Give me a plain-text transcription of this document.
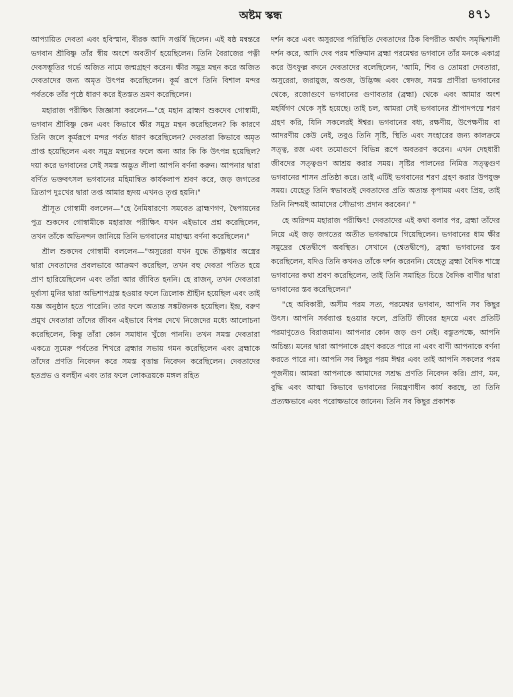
অষ্টম স্কন্ধ	৪৭১

আপ্যায়িত দেবতা এবং হবিস্মান, বীরক আদি সপ্তর্ষি ছিলেন। এই ষষ্ঠ মন্বন্তরে ভগবান শ্রীবিষ্ণু তাঁর স্বীয় অংশে অবতীর্ণ হয়েছিলেন। তিনি বৈরাজের পত্নী দেবসম্ভূতির গর্ভে অজিত নামে জন্মগ্রহণ করেন। ক্ষীর সমুদ্র মন্থন করে অজিত দেবতাদের জন্য অমৃত উৎপন্ন করেছিলেন। কূর্ম রূপে তিনি বিশাল মন্দর পর্বতকে তাঁর পৃষ্ঠে ধারণ করে ইতস্তত ভ্রমণ করেছিলেন।

মহারাজ পরীক্ষিৎ জিজ্ঞাসা করলেন—"হে মহান ব্রাহ্মণ শুকদেব গোস্বামী, ভগবান শ্রীবিষ্ণু কেন এবং কিভাবে ক্ষীর সমুদ্র মন্থন করেছিলেন? কি কারণে তিনি জলে কূর্মরূপে মন্দর পর্বত ধারণ করেছিলেন? দেবতারা কিভাবে অমৃত প্রাপ্ত হয়েছিলেন এবং সমুদ্র মন্থনের ফলে অন্য আর কি কি উৎপন্ন হয়েছিল? দয়া করে ভগবানের সেই সমস্ত অদ্ভুত লীলা আপনি বর্ণনা করুন। আপনার দ্বারা বর্ণিত ভক্তবৎসল ভগবানের মহিমান্বিত কার্যকলাপ শ্রবণ করে, জড় জগতের ত্রিতাপ দুঃখের দ্বারা তপ্ত আমার হৃদয় এখনও তৃপ্ত হয়নি।"

শ্রীসূত গোস্বামী বললেন—"হে নৈমিষারণ্যে সমবেত ব্রাহ্মণগণ, দ্বৈপায়নের পুত্র শুকদেব গোস্বামীকে মহারাজ পরীক্ষিৎ যখন এইভাবে প্রশ্ন করেছিলেন, তখন তাঁকে অভিনন্দন জানিয়ে তিনি ভগবানের মাহাত্ম্য বর্ণনা করেছিলেন।"

শ্রীল শুকদেব গোস্বামী বললেন—"অসুরেরা যখন যুদ্ধে তীক্ষ্ণধার অস্ত্রের দ্বারা দেবতাদের প্রবলভাবে আক্রমণ করেছিল, তখন বহু দেবতা পতিত হয়ে প্রাণ হারিয়েছিলেন এবং তাঁরা আর জীবিত হননি। হে রাজন্, তখন দেবতারা দুর্বাসা মুনির দ্বারা অভিশাপগ্রস্ত হওয়ার ফলে ত্রিলোক শ্রীহীন হয়েছিল এবং তাই যজ্ঞ অনুষ্ঠান হতে পারেনি। তার ফলে অত্যন্ত সঙ্কটজনক হয়েছিল। ইন্দ্র, বরুণ প্রমুখ দেবতারা তাঁদের জীবন এইভাবে বিপন্ন দেখে নিজেদের মধ্যে আলোচনা করেছিলেন, কিন্তু তাঁরা কোন সমাধান খুঁজে পাননি। তখন সমস্ত দেবতারা একত্রে সুমেরু পর্বতের শিখরে ব্রহ্মার সভায় গমন করেছিলেন এবং ব্রহ্মাকে তাঁদের প্রণতি নিবেদন করে সমস্ত বৃত্তান্ত নিবেদন করেছিলেন। দেবতাদের হতপ্রভ ও বলহীন এবং তার ফলে লোকত্রয়কে মঙ্গল রহিত

দর্শন করে এবং অসুরদের পরিস্থিতি দেবতাদের ঠিক বিপরীত অর্থাৎ সমৃদ্ধিশালী দর্শন করে, আদি দেব পরম শক্তিমান ব্রহ্মা পরমেশ্বর ভগবানে তাঁর মনকে একাগ্র করে উৎফুল্ল বদনে দেবতাদের বলেছিলেন, 'আমি, শিব ও তোমরা দেবতারা, অসুরেরা, জরায়ুজ, অণ্ডজ, উদ্ভিজ্জ এবং স্বেদজ, সমস্ত প্রাণীরা ভগবানের থেকে, রজোগুণে ভগবানের গুণাবতার (ব্রহ্মা) থেকে এবং আমার অংশ মহর্ষিগণ থেকে সৃষ্ট হয়েছে। তাই চল, আমরা সেই ভগবানের শ্রীপাদপদ্মে শরণ গ্রহণ করি, যিনি সকলেরই ঈশ্বর। ভগবানের বধ্য, রক্ষণীয়, উপেক্ষণীয় বা আদরণীয় কেউ নেই, তবুও তিনি সৃষ্টি, স্থিতি এবং সংহারের জন্য কালক্রমে সত্ত্ব, রজ এবং তমোগুণে বিভিন্ন রূপে অবতরণ করেন। এখন দেহধারী জীবদের সত্ত্বগুণ আশ্রয় করার সময়। সৃষ্টির পালনের নিমিত্ত সত্ত্বগুণ ভগবানের শাসন প্রতিষ্ঠা করে। তাই এটিই ভগবানের শরণ গ্রহণ করার উপযুক্ত সময়। যেহেতু তিনি স্বভাবতই দেবতাদের প্রতি অত্যন্ত কৃপাময় এবং প্রিয়, তাই তিনি নিশ্চয়ই আমাদের সৌভাগ্য প্রদান করবেন।' "

হে অরিন্দম মহারাজ পরীক্ষিৎ! দেবতাদের এই কথা বলার পর, ব্রহ্মা তাঁদের নিয়ে এই জড় জগতের অতীত ভগবদ্ধামে গিয়েছিলেন। ভগবানের ধাম ক্ষীর সমুদ্রের শ্বেতদ্বীপে অবস্থিত। সেখানে (শ্বেতদ্বীপে), ব্রহ্মা ভগবানের স্তব করেছিলেন, যদিও তিনি কখনও তাঁকে দর্শন করেননি। যেহেতু ব্রহ্মা বৈদিক শাস্ত্রে ভগবানের কথা শ্রবণ করেছিলেন, তাই তিনি সমাহিত চিত্তে বৈদিক বাণীর দ্বারা ভগবানের স্তব করেছিলেন।"

"হে অবিকারী, অসীম পরম সত্য, পরমেশ্বর ভগবান, আপনি সব কিছুর উৎস। আপনি সর্বব্যাপ্ত হওয়ার ফলে, প্রতিটি জীবের হৃদয়ে এবং প্রতিটি পরমাণুতেও বিরাজমান। আপনার কোন জড় গুণ নেই। বস্তুতপক্ষে, আপনি অচিন্ত্য। মনের দ্বারা আপনাকে গ্রহণ করতে পারে না এবং বাণী আপনাকে বর্ণনা করতে পারে না। আপনি সব কিছুর পরম ঈশ্বর এবং তাই আপনি সকলের পরম পূজনীয়। আমরা আপনাকে আমাদের সশ্রদ্ধ প্রণতি নিবেদন করি। প্রাণ, মন, বুদ্ধি এবং আত্মা কিভাবে ভগবানের নিয়ন্ত্রণাধীন কার্য করছে, তা তিনি প্রত্যক্ষভাবে এবং পরোক্ষভাবে জানেন। তিনি সব কিছুর প্রকাশক
